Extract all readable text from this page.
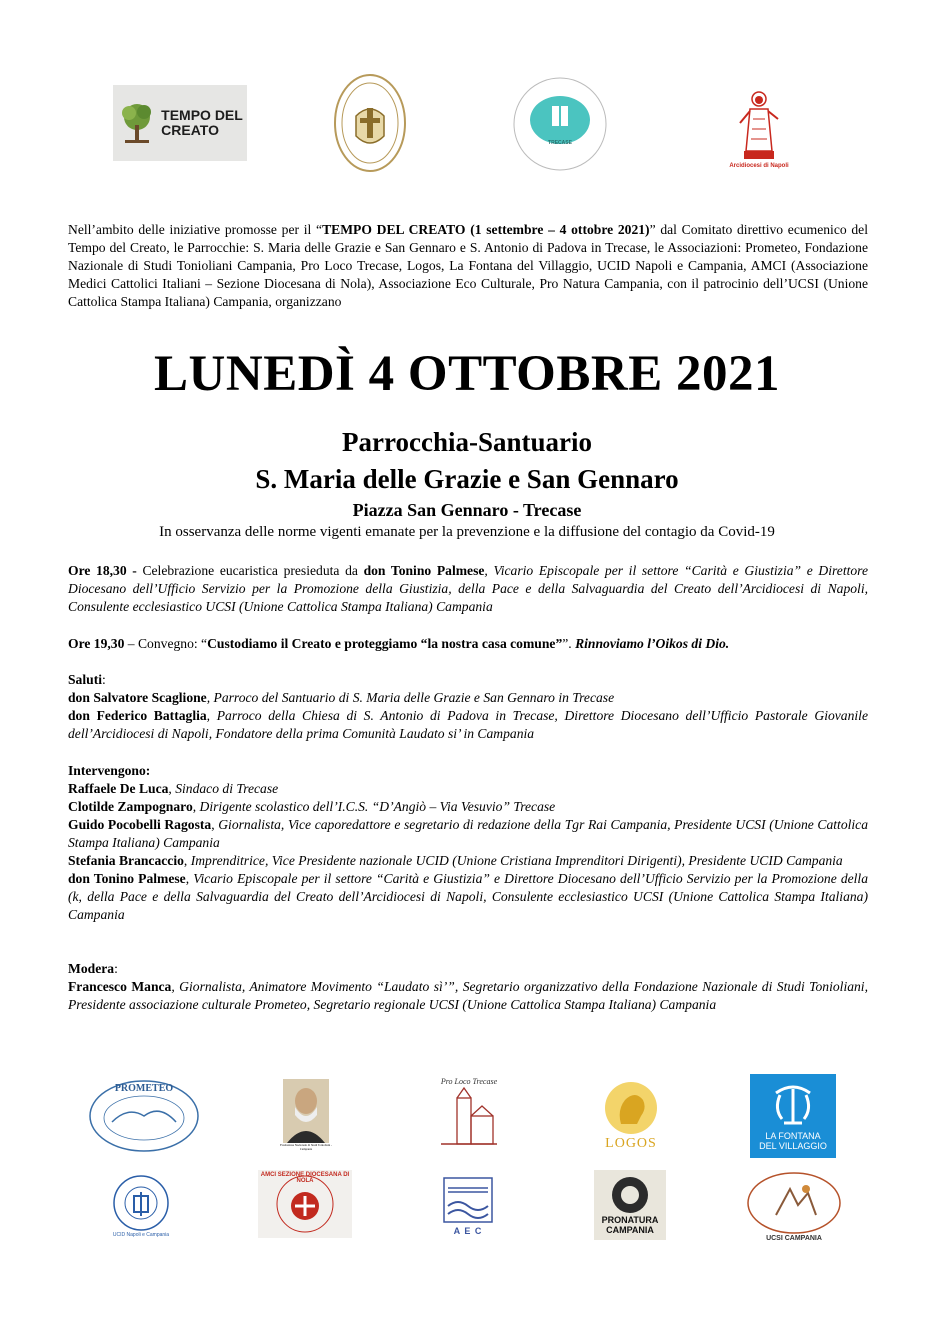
TEMPO DEL
CREATO
TRECASE
Arcidiocesi di Napoli
Nell’ambito delle iniziative promosse per il “TEMPO DEL CREATO (1 settembre – 4 ottobre 2021)” dal Comitato direttivo ecumenico del Tempo del Creato, le Parrocchie: S. Maria delle Grazie e San Gennaro e S. Antonio di Padova in Trecase, le Associazioni: Prometeo, Fondazione Nazionale di Studi Tonioliani Campania, Pro Loco Trecase, Logos, La Fontana del Villaggio, UCID Napoli e Campania, AMCI (Associazione Medici Cattolici Italiani – Sezione Diocesana di Nola), Associazione Eco Culturale, Pro Natura Campania, con il patrocinio dell’UCSI (Unione Cattolica Stampa Italiana) Campania, organizzano
LUNEDÌ 4 OTTOBRE 2021
Parrocchia-Santuario
S. Maria delle Grazie e San Gennaro
Piazza San Gennaro - Trecase
In osservanza delle norme vigenti emanate per la prevenzione e la diffusione del contagio da Covid-19
Ore 18,30 - Celebrazione eucaristica presieduta da don Tonino Palmese, Vicario Episcopale per il settore “Carità e Giustizia” e Direttore Diocesano dell’Ufficio Servizio per la Promozione della Giustizia, della Pace e della Salvaguardia del Creato dell’Arcidiocesi di Napoli, Consulente ecclesiastico UCSI (Unione Cattolica Stampa Italiana) Campania
Ore 19,30 – Convegno: “Custodiamo il Creato e proteggiamo “la nostra casa comune””. Rinnoviamo l’Oikos di Dio.
Saluti:
don Salvatore Scaglione, Parroco del Santuario di S. Maria delle Grazie e San Gennaro in Trecase
don Federico Battaglia, Parroco della Chiesa di S. Antonio di Padova in Trecase, Direttore Diocesano dell’Ufficio Pastorale Giovanile dell’Arcidiocesi di Napoli, Fondatore della prima Comunità Laudato si’ in Campania
Intervengono:
Raffaele De Luca, Sindaco di Trecase
Clotilde Zampognaro, Dirigente scolastico dell’I.C.S. “D’Angiò – Via Vesuvio” Trecase
Guido Pocobelli Ragosta, Giornalista, Vice caporedattore e segretario di redazione della Tgr Rai Campania, Presidente UCSI (Unione Cattolica Stampa Italiana) Campania
Stefania Brancaccio, Imprenditrice, Vice Presidente nazionale UCID (Unione Cristiana Imprenditori Dirigenti), Presidente UCID Campania
don Tonino Palmese, Vicario Episcopale per il settore “Carità e Giustizia” e Direttore Diocesano dell’Ufficio Servizio per la Promozione della (k, della Pace e della Salvaguardia del Creato dell’Arcidiocesi di Napoli, Consulente ecclesiastico UCSI (Unione Cattolica Stampa Italiana) Campania
Modera:
Francesco Manca, Giornalista, Animatore Movimento “Laudato sì’”, Segretario organizzativo della Fondazione Nazionale di Studi Tonioliani, Presidente associazione culturale Prometeo, Segretario regionale UCSI (Unione Cattolica Stampa Italiana) Campania
PROMETEO
Fondazione Nazionale di Studi Tonioliani - Campania
Pro Loco Trecase
LOGOS	LA FONTANA
DEL VILLAGGIO
UCID Napoli e Campania
AMCI SEZIONE DIOCESANA DI NOLA
A E C
PRONATURA
CAMPANIA
UCSI CAMPANIA
